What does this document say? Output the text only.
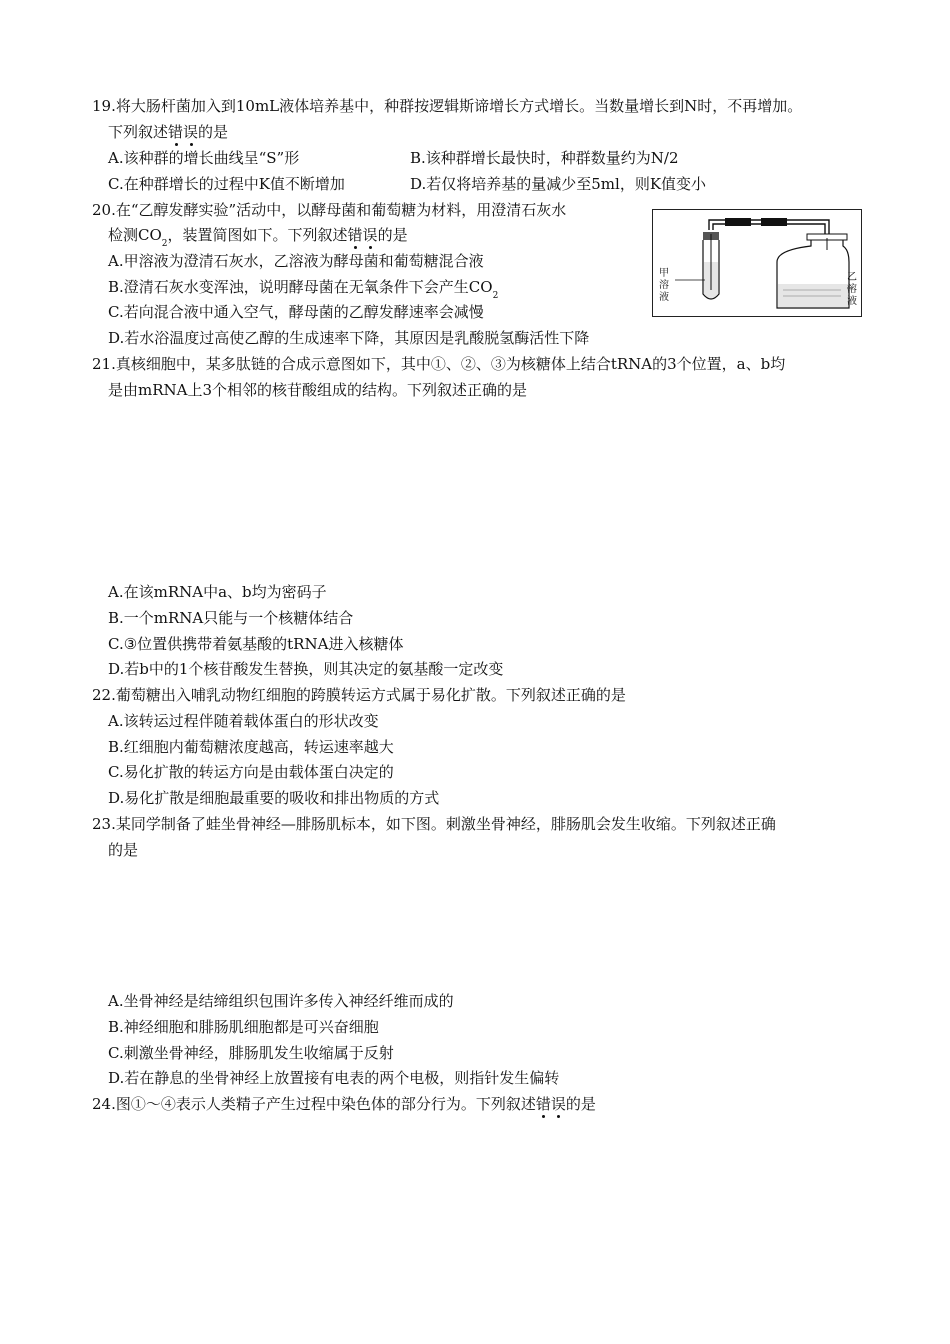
19.将大肠杆菌加入到10mL液体培养基中，种群按逻辑斯谛增长方式增长。当数量增长到N时，不再增加。
下列叙述错误的是
A.该种群的增长曲线呈“S”形	B.该种群增长最快时，种群数量约为N/2
C.在种群增长的过程中K值不断增加	D.若仅将培养基的量减少至5ml，则K值变小
20.在“乙醇发酵实验”活动中，以酵母菌和葡萄糖为材料，用澄清石灰水
检测$CO_2$，装置简图如下。下列叙述错误的是
A.甲溶液为澄清石灰水，乙溶液为酵母菌和葡萄糖混合液
B.澄清石灰水变浑浊，说明酵母菌在无氧条件下会产生$CO_2$
C.若向混合液中通入空气，酵母菌的乙醇发酵速率会减慢
D.若水浴温度过高使乙醇的生成速率下降，其原因是乳酸脱氢酶活性下降
甲溶液
乙溶液
21.真核细胞中，某多肽链的合成示意图如下，其中①、②、③为核糖体上结合tRNA的3个位置，a、b均
是由mRNA上3个相邻的核苷酸组成的结构。下列叙述正确的是
A.在该mRNA中a、b均为密码子
B.一个mRNA只能与一个核糖体结合
C.③位置供携带着氨基酸的tRNA进入核糖体
D.若b中的1个核苷酸发生替换，则其决定的氨基酸一定改变
22.葡萄糖出入哺乳动物红细胞的跨膜转运方式属于易化扩散。下列叙述正确的是
A.该转运过程伴随着载体蛋白的形状改变
B.红细胞内葡萄糖浓度越高，转运速率越大
C.易化扩散的转运方向是由载体蛋白决定的
D.易化扩散是细胞最重要的吸收和排出物质的方式
23.某同学制备了蛙坐骨神经—腓肠肌标本，如下图。刺激坐骨神经，腓肠肌会发生收缩。下列叙述正确
的是
A.坐骨神经是结缔组织包围许多传入神经纤维而成的
B.神经细胞和腓肠肌细胞都是可兴奋细胞
C.刺激坐骨神经，腓肠肌发生收缩属于反射
D.若在静息的坐骨神经上放置接有电表的两个电极，则指针发生偏转
24.图①～④表示人类精子产生过程中染色体的部分行为。下列叙述错误的是
